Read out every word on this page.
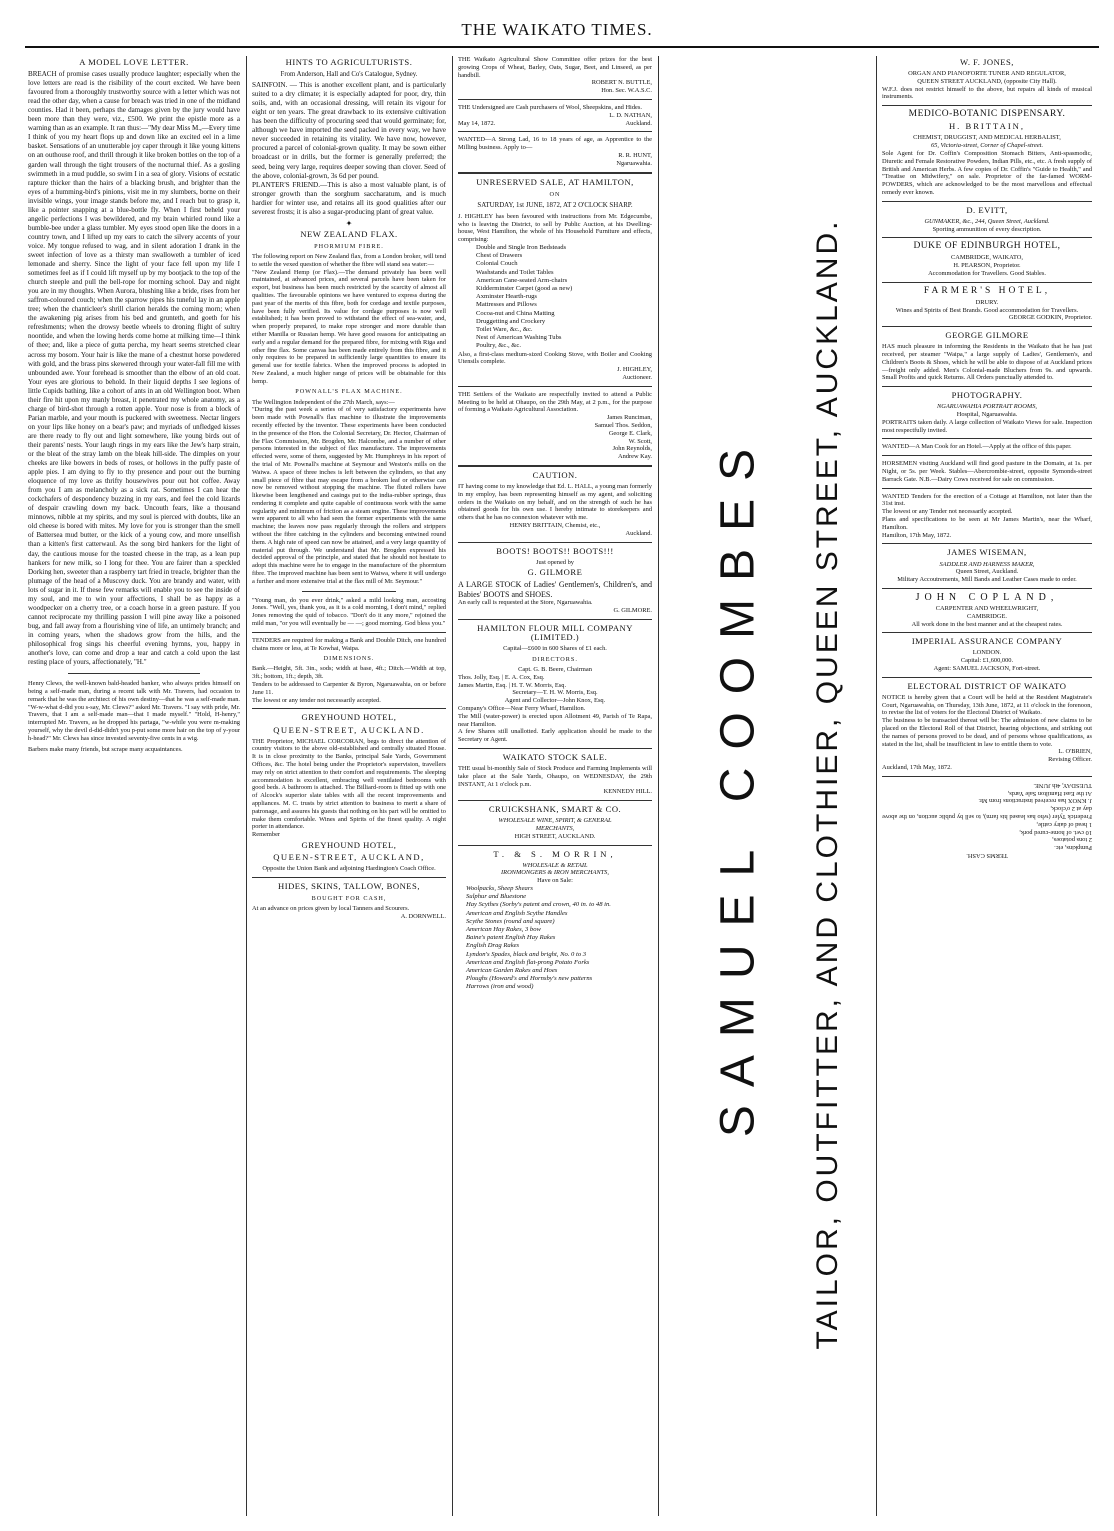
THE WAIKATO TIMES.
A MODEL LOVE LETTER.

BREACH of promise cases usually produce laughter; especially when the love letters are read is the risibility of the court excited. We have been favoured from a thoroughly trustworthy source with a letter which was not read the other day, when a cause for breach was tried in one of the midland counties. Had it been, perhaps the damages given by the jury would have been more than they were, viz., £500. We print the epistle more as a warning than as an example. It ran thus:—"My dear Miss M.,—Every time I think of you my heart flops up and down like an excited eel in a lime basket. Sensations of an unutterable joy caper through it like young kittens on an outhouse roof, and thrill through it like broken bottles on the top of a garden wall through the tight trousers of the nocturnal thief. As a gosling swimmeth in a mud puddle, so swim I in a sea of glory. Visions of ecstatic rapture thicker than the hairs of a blacking brush, and brighter than the eyes of a humming-bird's pinions, visit me in my slumbers, borne on their invisible wings, your image stands before me, and I reach but to grasp it, like a pointer snapping at a blue-bottle fly. When I first beheld your angelic perfections I was bewildered, and my brain whirled round like a bumble-bee under a glass tumbler. My eyes stood open like the doors in a country town, and I lifted up my ears to catch the silvery accents of your voice. My tongue refused to wag, and in silent adoration I drank in the sweet infection of love as a thirsty man swalloweth a tumbler of iced lemonade and sherry. Since the light of your face fell upon my life I sometimes feel as if I could lift myself up by my bootjack to the top of the church steeple and pull the bell-rope for morning school. Day and night you are in my thoughts. When Aurora, blushing like a bride, rises from her saffron-coloured couch; when the sparrow pipes his tuneful lay in an apple tree; when the chanticleer's shrill clarion heralds the coming morn; when the awakening pig arises from his bed and grunteth, and goeth for his refreshments; when the drowsy beetle wheels to droning flight of sultry noontide, and when the lowing herds come home at milking time—I think of thee; and, like a piece of gutta percha, my heart seems stretched clear across my bosom. Your hair is like the mane of a chestnut horse powdered with gold, and the brass pins skewered through your water-fall fill me with unbounded awe. Your forehead is smoother than the elbow of an old coat. Your eyes are glorious to behold. In their liquid depths I see legions of little Cupids bathing, like a cohort of ants in an old Wellington boot. When their fire hit upon my manly breast, it penetrated my whole anatomy, as a charge of bird-shot through a rotten apple. Your nose is from a block of Parian marble, and your mouth is puckered with sweetness. Nectar lingers on your lips like honey on a bear's paw; and myriads of unfledged kisses are there ready to fly out and light somewhere, like young birds out of their parents' nests. Your laugh rings in my ears like the Jew's harp strain, or the bleat of the stray lamb on the bleak hill-side. The dimples on your cheeks are like bowers in beds of roses, or hollows in the puffy paste of apple pies. I am dying to fly to thy presence and pour out the burning eloquence of my love as thrifty housewives pour out hot coffee. Away from you I am as melancholy as a sick rat. Sometimes I can hear the cockchafers of despondency buzzing in my ears, and feel the cold lizards of despair crawling down my back. Uncouth fears, like a thousand minnows, nibble at my spirits, and my soul is pierced with doubts, like an old cheese is bored with mites. My love for you is stronger than the smell of Battersea mud butter, or the kick of a young cow, and more unselfish than a kitten's first catterwaul. As the song bird hankers for the light of day, the cautious mouse for the toasted cheese in the trap, as a lean pup hankers for new milk, so I long for thee. You are fairer than a speckled Dorking hen, sweeter than a raspberry tart fried in treacle, brighter than the plumage of the head of a Muscovy duck. You are brandy and water, with lots of sugar in it. If these few remarks will enable you to see the inside of my soul, and me to win your affections, I shall be as happy as a woodpecker on a cherry tree, or a coach horse in a green pasture. If you cannot reciprocate my thrilling passion I will pine away like a poisoned bug, and fall away from a flourishing vine of life, an untimely branch; and in coming years, when the shadows grow from the hills, and the philosophical frog sings his cheerful evening hymns, you, happy in another's love, can come and drop a tear and catch a cold upon the last resting place of yours, affectionately, "H."

Henry Clews, the well-known bald-headed banker, who always prides himself on being a self-made man, during a recent talk with Mr. Travers, had occasion to remark that he was the architect of his own destiny—that he was a self-made man. "W-w-what d-did you s-say, Mr. Clews?" asked Mr. Travers. "I say with pride, Mr. Travers, that I am a self-made man—that I made myself." "Hold, H-henry," interrupted Mr. Travers, as he dropped his partaga, "w-while you were m-making yourself, why the devil d-did-didn't you p-put some more hair on the top of y-your h-head?" Mr. Clews has since invested seventy-five cents in a wig.

Barbers make many friends, but scrape many acquaintances.

HINTS TO AGRICULTURISTS.
From Anderson, Hall and Co's Catalogue, Sydney.

SAINFOIN. — This is another excellent plant, and is particularly suited to a dry climate; it is especially adapted for poor, dry, thin soils, and, with an occasional dressing, will retain its vigour for eight or ten years. The great drawback to its extensive cultivation has been the difficulty of procuring seed that would germinate; for, although we have imported the seed packed in every way, we have never succeeded in retaining its vitality. We have now, however, procured a parcel of colonial-grown quality. It may be sown either broadcast or in drills, but the former is generally preferred; the seed, being very large, requires deeper sowing than clover. Seed of the above, colonial-grown, 3s 6d per pound.

PLANTER'S FRIEND.—This is also a most valuable plant, is of stronger growth than the sorghum saccharatum, and is much hardier for winter use, and retains all its good qualities after our severest frosts; it is also a sugar-producing plant of great value.

✦
NEW ZEALAND FLAX.
PHORMIUM FIBRE.

The following report on New Zealand flax, from a London broker, will tend to settle the vexed question of whether the fibre will stand sea water:—

"New Zealand Hemp (or Flax).—The demand privately has been well maintained, at advanced prices, and several parcels have been taken for export, but business has been much restricted by the scarcity of almost all qualities. The favourable opinions we have ventured to express during the past year of the merits of this fibre, both for cordage and textile purposes, have been fully verified. Its value for cordage purposes is now well established; it has been proved to withstand the effect of sea-water, and, when properly prepared, to make rope stronger and more durable than either Manilla or Russian hemp. We have good reasons for anticipating an early and a regular demand for the prepared fibre, for mixing with Riga and other fine flax. Some canvas has been made entirely from this fibre, and it only requires to be prepared in sufficiently large quantities to ensure its general use for textile fabrics. When the improved process is adopted in New Zealand, a much higher range of prices will be obtainable for this hemp.

POWNALL'S FLAX MACHINE.

The Wellington Independent of the 27th March, says:—

"During the past week a series of of very satisfactory experiments have been made with Pownall's flax machine to illustrate the improvements recently effected by the inventor. These experiments have been conducted in the presence of the Hon. the Colonial Secretary, Dr. Hector, Chairman of the Flax Commission, Mr. Brogden, Mr. Halcombe, and a number of other persons interested in the subject of flax manufacture. The improvements effected were, some of them, suggested by Mr. Humphreys in his report of the trial of Mr. Pownall's machine at Seymour and Weston's mills on the Waiwa. A space of three inches is left between the cylinders, so that any small piece of fibre that may escape from a broken leaf or otherwise can now be removed without stopping the machine. The fluted rollers have likewise been lengthened and casings put to the india-rubber springs, thus rendering it complete and quite capable of continuous work with the same regularity and minimum of friction as a steam engine. These improvements were apparent to all who had seen the former experiments with the same machine; the leaves now pass regularly through the rollers and strippers without the fibre catching in the cylinders and becoming entwined round them. A high rate of speed can now be attained, and a very large quantity of material put through. We understand that Mr. Brogden expressed his decided approval of the principle, and stated that he should not hesitate to adopt this machine were he to engage in the manufacture of the phormium fibre. The improved machine has been sent to Waiwa, where it will undergo a further and more extensive trial at the flax mill of Mr. Seymour."

"Young man, do you ever drink," asked a mild looking man, accosting Jones. "Well, yes, thank you, as it is a cold morning, I don't mind," replied Jones removing the quid of tobacco. "Don't do it any more," rejoined the mild man, "or you will eventually be — —; good morning. God bless you."

TENDERS are required for making a Bank and Double Ditch, one hundred chains more or less, at Te Kowhai, Waipa.

DIMENSIONS.

Bank.—Height, 5ft. 3in., sods; width at base, 4ft.; Ditch.—Width at top, 3ft.; bottom, 1ft.; depth, 3ft.

Tenders to be addressed to Carpenter & Byron, Ngaruawahia, on or before June 11.

The lowest or any tender not necessarily accepted.

GREYHOUND HOTEL,
QUEEN-STREET, AUCKLAND.

THE Proprietor, MICHAEL CORCORAN, begs to direct the attention of country visitors to the above old-established and centrally situated House. It is in close proximity to the Banks, principal Sale Yards, Government Offices, &c. The hotel being under the Proprietor's supervision, travellers may rely on strict attention to their comfort and requirements. The sleeping accommodation is excellent, embracing well ventilated bedrooms with good beds. A bathroom is attached. The Billiard-room is fitted up with one of Alcock's superior slate tables with all the recent improvements and appliances. M. C. trusts by strict attention to business to merit a share of patronage, and assures his guests that nothing on his part will be omitted to make them comfortable. Wines and Spirits of the finest quality. A night porter in attendance.

Remember

GREYHOUND HOTEL,
QUEEN-STREET, AUCKLAND,

Opposite the Union Bank and adjoining Hardington's Coach Office.

HIDES, SKINS, TALLOW, BONES,
BOUGHT FOR CASH,

At an advance on prices given by local Tanners and Scourers.

A. DORNWELL.

THE Waikato Agricultural Show Committee offer prizes for the best growing Crops of Wheat, Barley, Oats, Sugar, Beet, and Linseed, as per handbill.

ROBERT N. BUTTLE,

Hon. Sec. W.A.S.C.

THE Undersigned are Cash purchasers of Wool, Sheepskins, and Hides.

L. D. NATHAN,

May 14, 1872.	Auckland.

WANTED—A Strong Lad, 16 to 18 years of age, as Apprentice to the Milling business. Apply to—

R. R. HUNT,

Ngaruawahia.

UNRESERVED SALE, AT HAMILTON,
ON
SATURDAY, 1st JUNE, 1872, AT 2 O'CLOCK SHARP.

J. HIGHLEY has been favoured with instructions from Mr. Edgecumbe, who is leaving the District, to sell by Public Auction, at his Dwelling-house, West Hamilton, the whole of his Household Furniture and effects, comprising:

Double and Single Iron Bedsteads
Chest of Drawers
Colonial Couch
Washstands and Toilet Tables
American Cane-seated Arm-chairs
Kidderminster Carpet (good as new)
Axminster Hearth-rugs
Mattresses and Pillows
Cocoa-nut and China Matting
Druggetting and Crockery
Toilet Ware, &c., &c.
Nest of American Washing Tubs
Poultry, &c., &c.

Also, a first-class medium-sized Cooking Stove, with Boiler and Cooking Utensils complete.

J. HIGHLEY,

Auctioneer.

THE Settlers of the Waikato are respectfully invited to attend a Public Meeting to be held at Ohaupo, on the 29th May, at 2 p.m., for the purpose of forming a Waikato Agricultural Association.

James Runciman,
Samuel Thos. Seddon,
George E. Clark,
W. Scott,
John Reynolds,
Andrew Kay.
CAUTION.

IT having come to my knowledge that Ed. L. HALL, a young man formerly in my employ, has been representing himself as my agent, and soliciting orders in the Waikato on my behalf, and on the strength of such he has obtained goods for his own use. I hereby intimate to storekeepers and others that he has no connexion whatever with me.

HENRY BRITTAIN, Chemist, etc.,

Auckland.

BOOTS! BOOTS!! BOOTS!!!
Just opened by
G. GILMORE

A LARGE STOCK of Ladies' Gentlemen's, Children's, and Babies' BOOTS and SHOES.

An early call is requested at the Store, Ngaruawahia.

G. GILMORE.

HAMILTON FLOUR MILL COMPANY (LIMITED.)

Capital—£600 in 600 Shares of £1 each.

DIRECTORS.

Capt. G. B. Beere, Chairman

Thos. Jolly, Esq. | E. A. Cox, Esq.

James Martin, Esq. | H. T. W. Morris, Esq.

Secretary—T. H. W. Morris, Esq.

Agent and Collector—John Knox, Esq.

Company's Office—Near Ferry Wharf, Hamilton.

The Mill (water-power) is erected upon Allotment 49, Parish of Te Rapa, near Hamilton.

A few Shares still unallotted. Early application should be made to the Secretary or Agent.

WAIKATO STOCK SALE.

THE usual bi-monthly Sale of Stock Produce and Farming Implements will take place at the Sale Yards, Ohaupo, on WEDNESDAY, the 29th INSTANT, At 1 o'clock p.m.

KENNEDY HILL.

CRUICKSHANK, SMART & CO.
WHOLESALE WINE, SPIRIT, & GENERAL
MERCHANTS,
HIGH STREET, AUCKLAND.
T. & S. MORRIN,
WHOLESALE & RETAIL
IRONMONGERS & IRON MERCHANTS,
Have on Sale:
Woolpacks, Sheep Shears
Sulphur and Bluestone
Hay Scythes (Sorby's patent and crown, 40 in. to 48 in.
American and English Scythe Handles
Scythe Stones (round and square)
American Hay Rakes, 3 bow
Baine's patent English Hay Rakes
English Drag Rakes
Lyndon's Spades, black and bright, No. 0 to 3
American and English flat-prong Potato Forks
American Garden Rakes and Hoes
Ploughs (Howard's and Hornsby's new patterns
Harrows (iron and wood)	SAMUEL COOMBES TAILOR, OUTFITTER, AND CLOTHIER, QUEEN STREET, AUCKLAND.
W. F. JONES,
ORGAN AND PIANOFORTE TUNER AND REGULATOR,
QUEEN STREET AUCKLAND, (opposite City Hall).

W.F.J. does not restrict himself to the above, but repairs all kinds of musical instruments.

MEDICO-BOTANIC DISPENSARY.
H. BRITTAIN,
CHEMIST, DRUGGIST, AND MEDICAL HERBALIST,
65, Victoria-street, Corner of Chapel-street.

Sole Agent for Dr. Coffin's Composition Stomach Bitters, Anti-spasmodic, Diuretic and Female Restorative Powders, Indian Pills, etc., etc. A fresh supply of British and American Herbs. A few copies of Dr. Coffin's "Guide to Health," and "Treatise on Midwifery," on sale. Proprietor of the far-famed WORM-POWDERS, which are acknowledged to be the most marvellous and effectual remedy ever known.

D. EVITT,
GUNMAKER, &c., 244, Queen Street, Auckland.

Sporting ammunition of every description.

DUKE OF EDINBURGH HOTEL,
CAMBRIDGE, WAIKATO,
H. PEARSON, Proprietor.

Accommodation for Travellers. Good Stables.

FARMER'S HOTEL,
DRURY.

Wines and Spirits of Best Brands. Good accommodation for Travellers.

GEORGE GODKIN, Proprietor.

GEORGE GILMORE

HAS much pleasure in informing the Residents in the Waikato that he has just received, per steamer "Waipa," a large supply of Ladies', Gentlemen's, and Children's Boots & Shoes, which he will be able to dispose of at Auckland prices—freight only added. Men's Colonial-made Bluchers from 9s. and upwards. Small Profits and quick Returns. All Orders punctually attended to.

PHOTOGRAPHY.
NGARUAWAHIA PORTRAIT ROOMS,
Hospital, Ngaruawahia.

PORTRAITS taken daily. A large collection of Waikato Views for sale. Inspection most respectfully invited.

WANTED—A Man Cook for an Hotel.—Apply at the office of this paper.

HORSEMEN visiting Auckland will find good pasture in the Domain, at 1s. per Night, or 5s. per Week. Stables—Abercrombie-street, opposite Symonds-street Barrack Gate. N.B.—Dairy Cows received for sale on commission.

WANTED Tenders for the erection of a Cottage at Hamilton, not later than the 31st inst.

The lowest or any Tender not necessarily accepted.

Plans and specifications to be seen at Mr James Martin's, near the Wharf, Hamilton.

Hamilton, 17th May, 1872.

JAMES WISEMAN,
SADDLER AND HARNESS MAKER,
Queen Street, Auckland.

Military Accoutrements, Mill Bands and Leather Cases made to order.

JOHN COPLAND,
CARPENTER AND WHEELWRIGHT,
CAMBRIDGE.

All work done in the best manner and at the cheapest rates.

IMPERIAL ASSURANCE COMPANY
LONDON.
Capital: £1,600,000.
Agent: SAMUEL JACKSON, Fort-street.
ELECTORAL DISTRICT OF WAIKATO

NOTICE is hereby given that a Court will be held at the Resident Magistrate's Court, Ngaruawahia, on Thursday, 13th June, 1872, at 11 o'clock in the forenoon, to revise the list of voters for the Electoral District of Waikato.

The business to be transacted thereat will be: The admission of new claims to be placed on the Electoral Roll of that District, hearing objections, and striking out the names of persons proved to be dead, and of persons whose qualifications, as stated in the list, shall be insufficient in law to entitle them to vote.

L. O'BRIEN,

Revising Officer.

Auckland, 17th May, 1872.

TERMS CASH.
Pumpkins, etc.
2 tons potatoes,
10 cwt. of home-cured pork,
1 head of dairy cattle,
Frederick Tyler (who has leased his farm), to sell by public auction, on the above day at 2 o'clock,
J. KNOX has received instructions from Mr.
At the East Hamilton Sale Yards,
TUESDAY, 4th JUNE.
